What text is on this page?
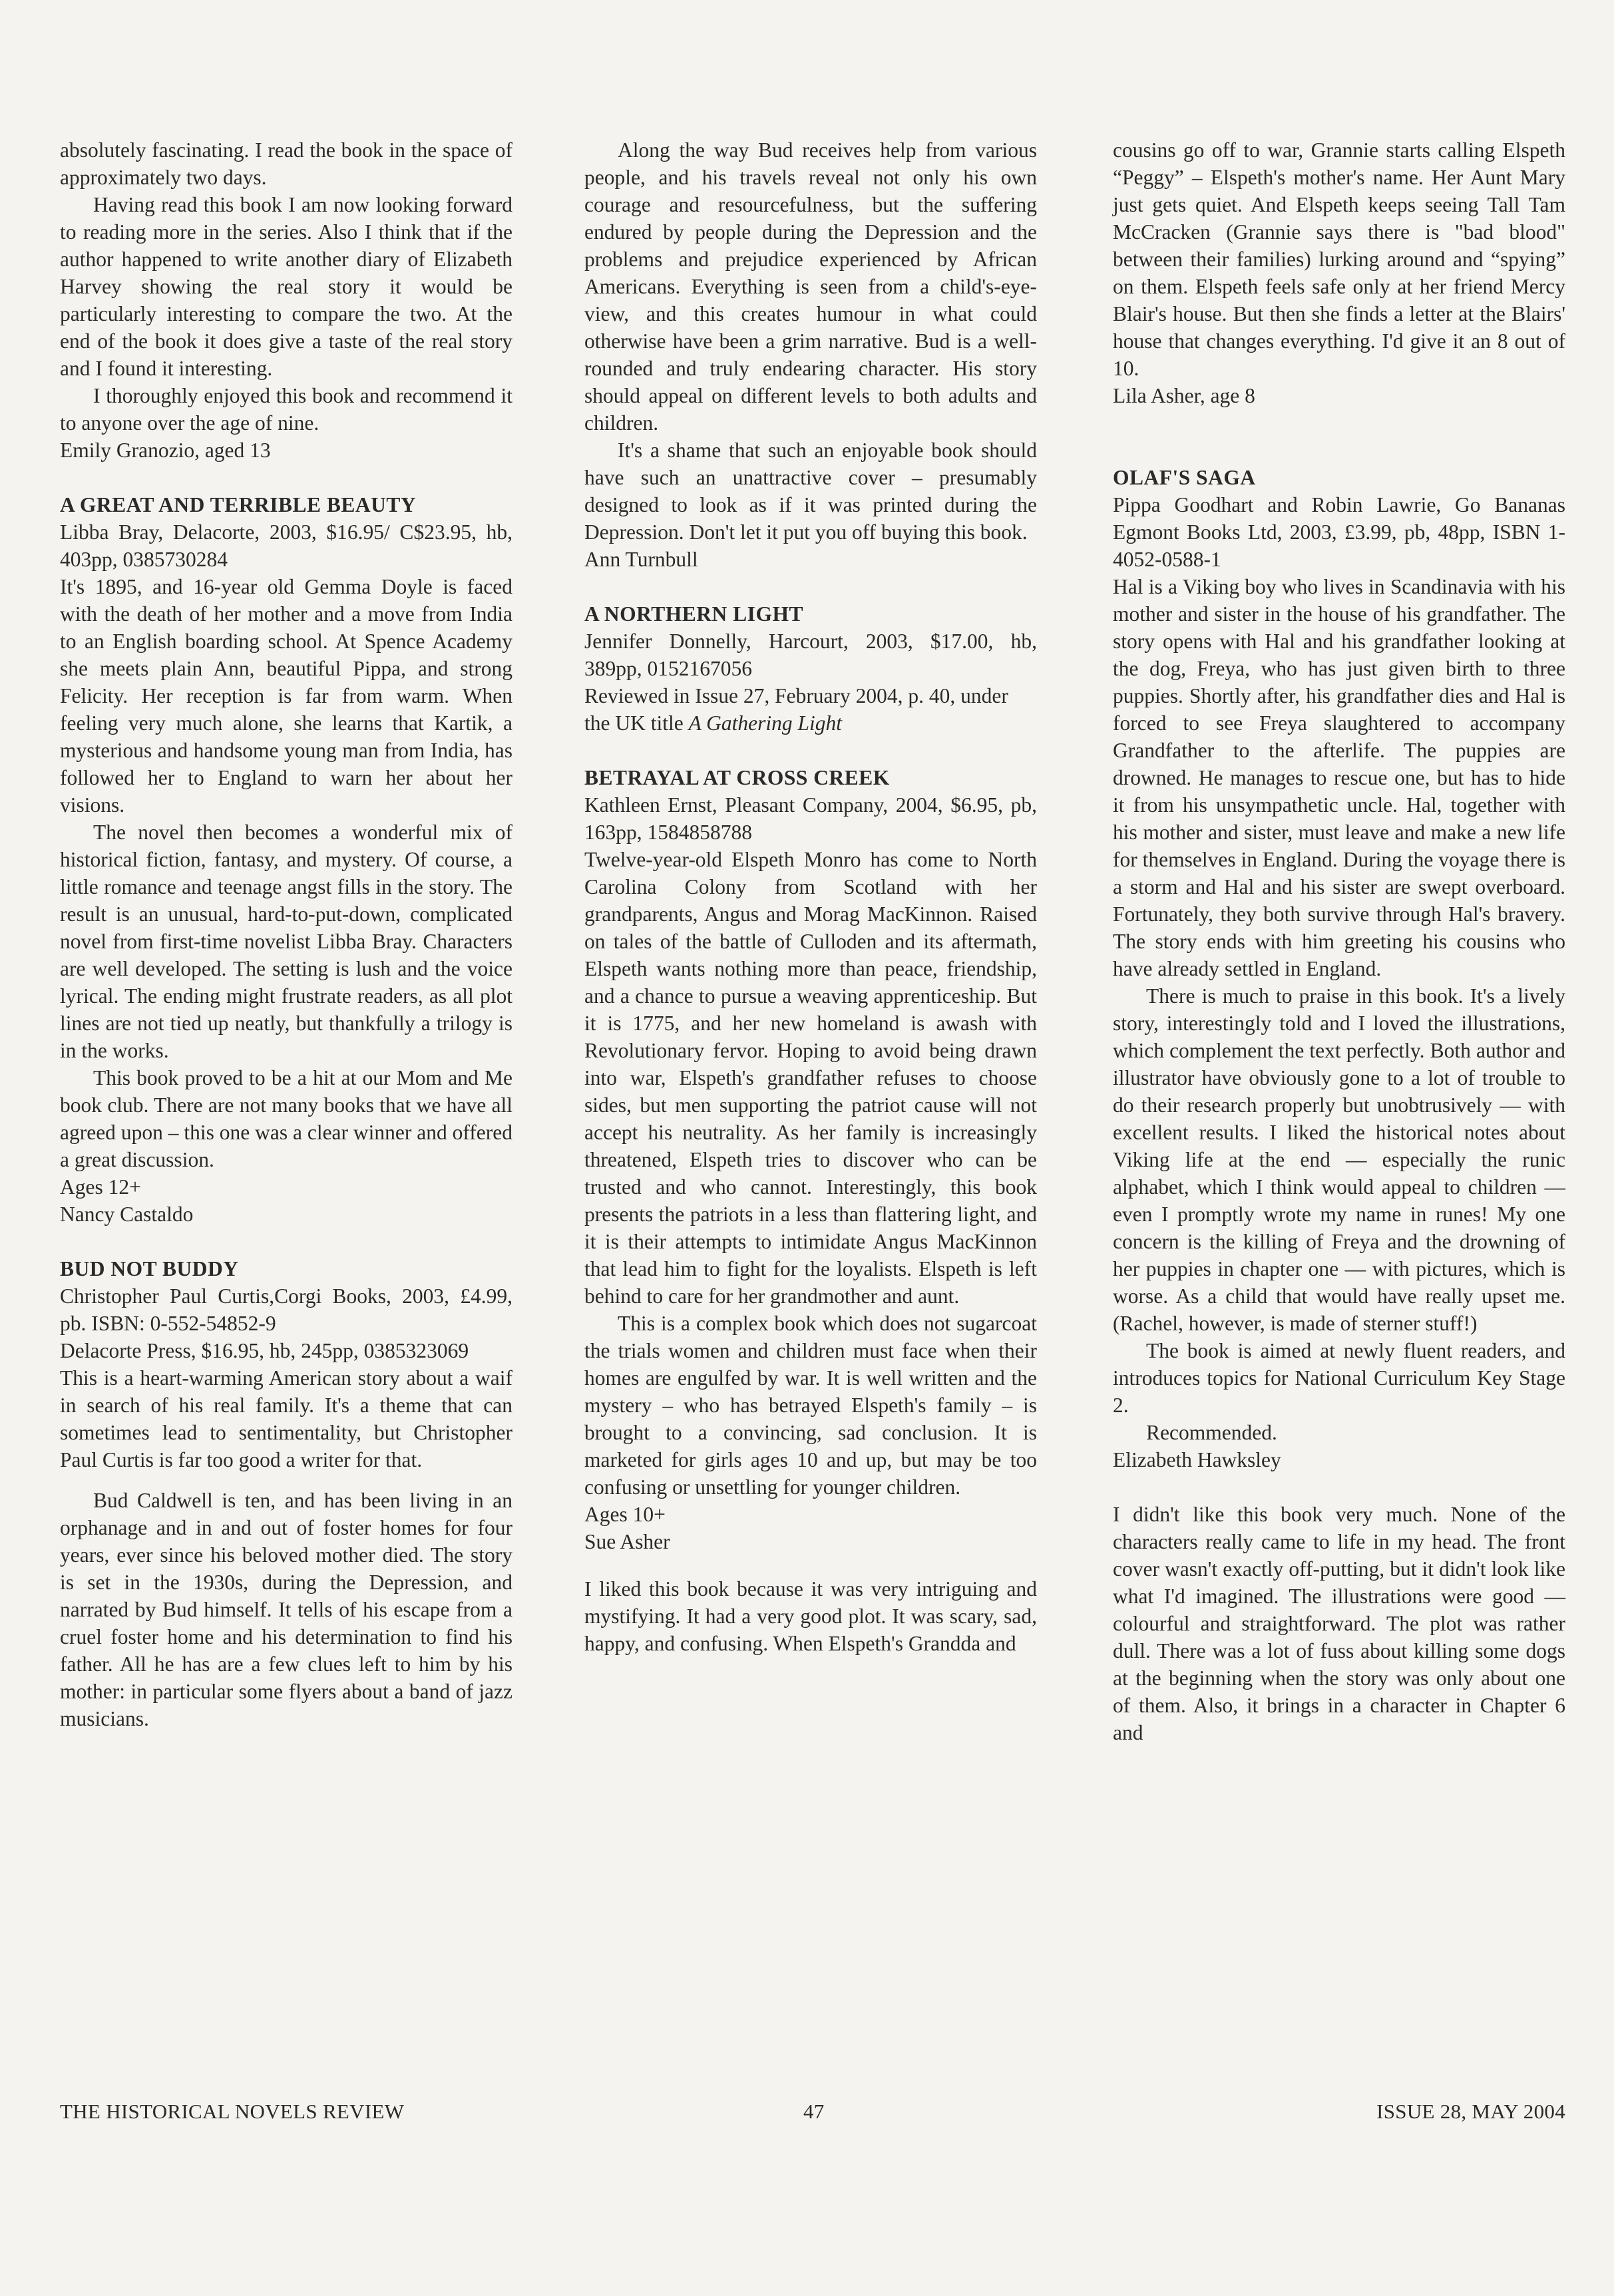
absolutely fascinating. I read the book in the space of approximately two days.

Having read this book I am now looking forward to reading more in the series. Also I think that if the author happened to write another diary of Elizabeth Harvey showing the real story it would be particularly interesting to compare the two. At the end of the book it does give a taste of the real story and I found it interesting.

I thoroughly enjoyed this book and recommend it to anyone over the age of nine.

Emily Granozio, aged 13

A GREAT AND TERRIBLE BEAUTY

Libba Bray, Delacorte, 2003, $16.95/ C$23.95, hb, 403pp, 0385730284

It's 1895, and 16-year old Gemma Doyle is faced with the death of her mother and a move from India to an English boarding school. At Spence Academy she meets plain Ann, beautiful Pippa, and strong Felicity. Her reception is far from warm. When feeling very much alone, she learns that Kartik, a mysterious and handsome young man from India, has followed her to England to warn her about her visions.

The novel then becomes a wonderful mix of historical fiction, fantasy, and mystery. Of course, a little romance and teenage angst fills in the story. The result is an unusual, hard-to-put-down, complicated novel from first-time novelist Libba Bray. Characters are well developed. The setting is lush and the voice lyrical. The ending might frustrate readers, as all plot lines are not tied up neatly, but thankfully a trilogy is in the works.

This book proved to be a hit at our Mom and Me book club. There are not many books that we have all agreed upon – this one was a clear winner and offered a great discussion.

Ages 12+

Nancy Castaldo

BUD NOT BUDDY

Christopher Paul Curtis,Corgi Books, 2003, £4.99, pb. ISBN: 0-552-54852-9

Delacorte Press, $16.95, hb, 245pp, 0385323069

This is a heart-warming American story about a waif in search of his real family. It's a theme that can sometimes lead to sentimentality, but Christopher Paul Curtis is far too good a writer for that.

Bud Caldwell is ten, and has been living in an orphanage and in and out of foster homes for four years, ever since his beloved mother died. The story is set in the 1930s, during the Depression, and narrated by Bud himself. It tells of his escape from a cruel foster home and his determination to find his father. All he has are a few clues left to him by his mother: in particular some flyers about a band of jazz musicians.

Along the way Bud receives help from various people, and his travels reveal not only his own courage and resourcefulness, but the suffering endured by people during the Depression and the problems and prejudice experienced by African Americans. Everything is seen from a child's-eye-view, and this creates humour in what could otherwise have been a grim narrative. Bud is a well-rounded and truly endearing character. His story should appeal on different levels to both adults and children.

It's a shame that such an enjoyable book should have such an unattractive cover – presumably designed to look as if it was printed during the Depression. Don't let it put you off buying this book.

Ann Turnbull

A NORTHERN LIGHT

Jennifer Donnelly, Harcourt, 2003, $17.00, hb, 389pp, 0152167056

Reviewed in Issue 27, February 2004, p. 40, under the UK title A Gathering Light

BETRAYAL AT CROSS CREEK

Kathleen Ernst, Pleasant Company, 2004, $6.95, pb, 163pp, 1584858788

Twelve-year-old Elspeth Monro has come to North Carolina Colony from Scotland with her grandparents, Angus and Morag MacKinnon. Raised on tales of the battle of Culloden and its aftermath, Elspeth wants nothing more than peace, friendship, and a chance to pursue a weaving apprenticeship. But it is 1775, and her new homeland is awash with Revolutionary fervor. Hoping to avoid being drawn into war, Elspeth's grandfather refuses to choose sides, but men supporting the patriot cause will not accept his neutrality. As her family is increasingly threatened, Elspeth tries to discover who can be trusted and who cannot. Interestingly, this book presents the patriots in a less than flattering light, and it is their attempts to intimidate Angus MacKinnon that lead him to fight for the loyalists. Elspeth is left behind to care for her grandmother and aunt.

This is a complex book which does not sugarcoat the trials women and children must face when their homes are engulfed by war. It is well written and the mystery – who has betrayed Elspeth's family – is brought to a convincing, sad conclusion. It is marketed for girls ages 10 and up, but may be too confusing or unsettling for younger children.

Ages 10+

Sue Asher

I liked this book because it was very intriguing and mystifying. It had a very good plot. It was scary, sad, happy, and confusing. When Elspeth's Grandda and

cousins go off to war, Grannie starts calling Elspeth “Peggy” – Elspeth's mother's name. Her Aunt Mary just gets quiet. And Elspeth keeps seeing Tall Tam McCracken (Grannie says there is "bad blood" between their families) lurking around and “spying” on them. Elspeth feels safe only at her friend Mercy Blair's house. But then she finds a letter at the Blairs' house that changes everything. I'd give it an 8 out of 10.

Lila Asher, age 8

OLAF'S SAGA

Pippa Goodhart and Robin Lawrie, Go Bananas Egmont Books Ltd, 2003, £3.99, pb, 48pp, ISBN 1-4052-0588-1

Hal is a Viking boy who lives in Scandinavia with his mother and sister in the house of his grandfather. The story opens with Hal and his grandfather looking at the dog, Freya, who has just given birth to three puppies. Shortly after, his grandfather dies and Hal is forced to see Freya slaughtered to accompany Grandfather to the afterlife. The puppies are drowned. He manages to rescue one, but has to hide it from his unsympathetic uncle. Hal, together with his mother and sister, must leave and make a new life for themselves in England. During the voyage there is a storm and Hal and his sister are swept overboard. Fortunately, they both survive through Hal's bravery. The story ends with him greeting his cousins who have already settled in England.

There is much to praise in this book. It's a lively story, interestingly told and I loved the illustrations, which complement the text perfectly. Both author and illustrator have obviously gone to a lot of trouble to do their research properly but unobtrusively — with excellent results. I liked the historical notes about Viking life at the end — especially the runic alphabet, which I think would appeal to children —even I promptly wrote my name in runes! My one concern is the killing of Freya and the drowning of her puppies in chapter one — with pictures, which is worse. As a child that would have really upset me. (Rachel, however, is made of sterner stuff!)

The book is aimed at newly fluent readers, and introduces topics for National Curriculum Key Stage 2.

Recommended.

Elizabeth Hawksley

I didn't like this book very much. None of the characters really came to life in my head. The front cover wasn't exactly off-putting, but it didn't look like what I'd imagined. The illustrations were good — colourful and straightforward. The plot was rather dull. There was a lot of fuss about killing some dogs at the beginning when the story was only about one of them. Also, it brings in a character in Chapter 6 and

THE HISTORICAL NOVELS REVIEW	47	ISSUE 28, MAY 2004
